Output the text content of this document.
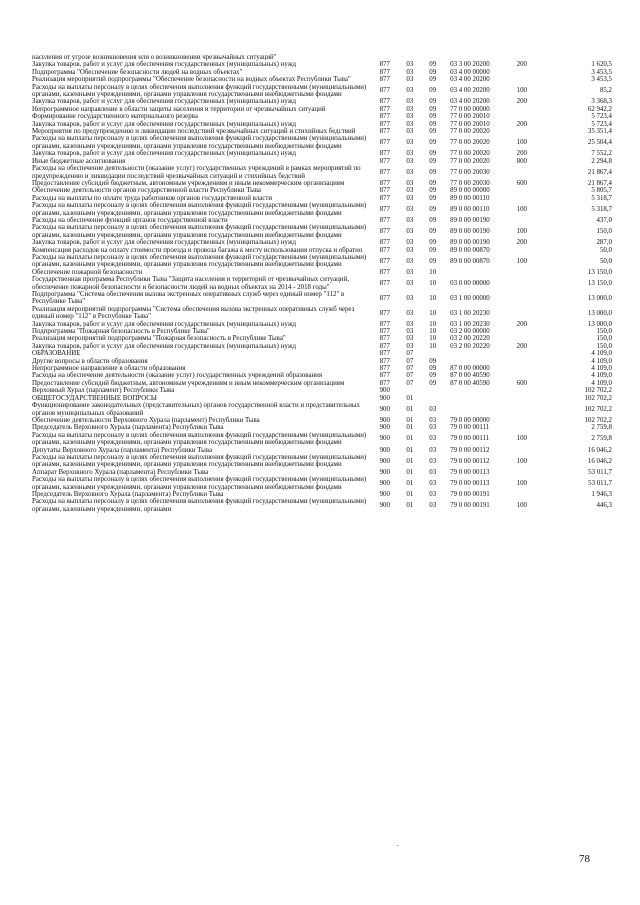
населения от угрозе возникновения или о возникновении чрезвычайных ситуаций"
Закупка товаров, работ и услуг для обеспечения государственных (муниципальных) нужд	877	03	09	03 3 00 20200	200	1 620,5
Подпрограмма "Обеспечение безопасности людей на водных объектах"	877	03	09	03 4 00 00000	3 453,5
Реализация мероприятий подпрограммы "Обеспечение безопасности на водных объектах Республики Тыва"	877	03	09	03 4 00 20200	3 453,5
Расходы на выплаты персоналу в целях обеспечения выполнения функций государственными (муниципальными) органами, казенными учреждениями, органами управления государственными внебюджетными фондами
877	03	09	03 4 00 20200	100	85,2
Закупка товаров, работ и услуг для обеспечения государственных (муниципальных) нужд	877	03	09	03 4 00 20200	200	3 368,3
Непрограммное направление в области защиты населения и территории от чрезвычайных ситуаций	877	03	09	77 0 00 00000	62 942,2
Формирование государственного материального резерва	877	03	09	77 0 00 20010	5 723,4
Закупка товаров, работ и услуг для обеспечения государственных (муниципальных) нужд	877	03	09	77 0 00 20010	200	5 723,4
Мероприятия по предупреждению и ликвидации последствий чрезвычайных ситуаций и стихийных бедствий	877	03	09	77 0 00 20020	35 351,4
Расходы на выплаты персоналу в целях обеспечения выполнения функций государственными (муниципальными) органами, казенными учреждениями, органами управления государственными внебюджетными фондами
877	03	09	77 0 00 20020	100	25 504,4
Закупка товаров, работ и услуг для обеспечения государственных (муниципальных) нужд	877	03	09	77 0 00 20020	200	7 552,2
Иные бюджетные ассигнования	877	03	09	77 0 00 20020	800	2 294,8
Расходы на обеспечение деятельности (оказание услуг) государственных учреждений в рамках мероприятий по предупреждению и ликвидации последствий чрезвычайных ситуаций и стихийных бедствий
877	03	09	77 0 00 20030	21 867,4
Предоставление субсидий бюджетным, автономным учреждениям и иным некоммерческим организациям	877	03	09	77 0 00 20030	600	21 867,4
Обеспечение деятельности органов государственной власти Республики Тыва	877	03	09	89 0 00 00000	5 805,7
Расходы на выплаты по оплате труда работников органов государственной власти	877	03	09	89 0 00 00110	5 318,7
Расходы на выплаты персоналу в целях обеспечения выполнения функций государственными (муниципальными) органами, казенными учреждениями, органами управления государственными внебюджетными фондами
877	03	09	89 0 00 00110	100	5 318,7
Расходы на обеспечение функций органов государственной власти	877	03	09	89 0 00 00190	437,0
Расходы на выплаты персоналу в целях обеспечения выполнения функций государственными (муниципальными) органами, казенными учреждениями, органами управления государственными внебюджетными фондами
877	03	09	89 0 00 00190	100	150,0
Закупка товаров, работ и услуг для обеспечения государственных (муниципальных) нужд	877	03	09	89 0 00 00190	200	287,0
Компенсация расходов на оплату стоимости проезда и провоза багажа к месту использования отпуска и обратно	877	03	09	89 0 00 00870	50,0
Расходы на выплаты персоналу в целях обеспечения выполнения функций государственными (муниципальными) органами, казенными учреждениями, органами управления государственными внебюджетными фондами
877	03	09	89 0 00 00870	100	50,0
Обеспечение пожарной безопасности	877	03	10	13 150,0
Государственная программа Республики Тыва "Защита населения и территорий от чрезвычайных ситуаций, обеспечение пожарной безопасности и безопасности людей на водных объектах на 2014 - 2018 годы"
877	03	10	03 0 00 00000	13 150,0
Подпрограмма "Система обеспечения вызова экстренных оперативных служб через единый номер "112" в Республике Тыва"
877	03	10	03 1 00 00000	13 000,0
Реализация мероприятий подпрограммы "Система обеспечения вызова экстренных оперативных служб через единый номер "112" в Республике Тыва"
877	03	10	03 1 00 20230	13 000,0
Закупка товаров, работ и услуг для обеспечения государственных (муниципальных) нужд	877	03	10	03 1 00 20230	200	13 000,0
Подпрограмма "Пожарная безопасность в Республике Тыва"	877	03	10	03 2 00 00000	150,0
Реализация мероприятий подпрограммы "Пожарная безопасность в Республике Тыва"	877	03	10	03 2 00 20220	150,0
Закупка товаров, работ и услуг для обеспечения государственных (муниципальных) нужд	877	03	10	03 2 00 20220	200	150,0
ОБРАЗОВАНИЕ	877	07	4 109,0
Другие вопросы в области образования	877	07	09	4 109,0
Непрограммное направление в области образования	877	07	09	87 0 00 00000	4 109,0
Расходы на обеспечение деятельности (оказание услуг) государственных учреждений образования	877	07	09	87 0 00 40590	4 109,0
Предоставление субсидий бюджетным, автономным учреждениям и иным некоммерческим организациям	877	07	09	87 0 00 40590	600	4 109,0
Верховный Хурал (парламент) Республики Тыва	900	102 702,2
ОБЩЕГОСУДАРСТВЕННЫЕ ВОПРОСЫ	900	01	102 702,2
Функционирование законодательных (представительных) органов государственной власти и представительных органов муниципальных образований
900	01	03	102 702,2
Обеспечение деятельности Верховного Хурала (парламент) Республики Тыва	900	01	03	79 0 00 00000	102 702,2
Председатель Верховного Хурала (парламента) Республики Тыва	900	01	03	79 0 00 00111	2 759,8
Расходы на выплаты персоналу в целях обеспечения выполнения функций государственными (муниципальными) органами, казенными учреждениями, органами управления государственными внебюджетными фондами
900	01	03	79 0 00 00111	100	2 759,8
Депутаты Верховного Хурала (парламента) Республики Тыва	900	01	03	79 0 00 00112	16 046,2
Расходы на выплаты персоналу в целях обеспечения выполнения функций государственными (муниципальными) органами, казенными учреждениями, органами управления государственными внебюджетными фондами
900	01	03	79 0 00 00112	100	16 046,2
Аппарат Верховного Хурала (парламента) Республики Тыва	900	01	03	79 0 00 00113	53 011,7
Расходы на выплаты персоналу в целях обеспечения выполнения функций государственными (муниципальными) органами, казенными учреждениями, органами управления государственными внебюджетными фондами
900	01	03	79 0 00 00113	100	53 011,7
Председатель Верховного Хурала (парламента) Республики Тыва	900	01	03	79 0 00 00191	1 946,3
Расходы на выплаты персоналу в целях обеспечения выполнения функций государственными (муниципальными) органами, казенными учреждениями, органами
900	01	03	79 0 00 00191	100	446,3
.
78
